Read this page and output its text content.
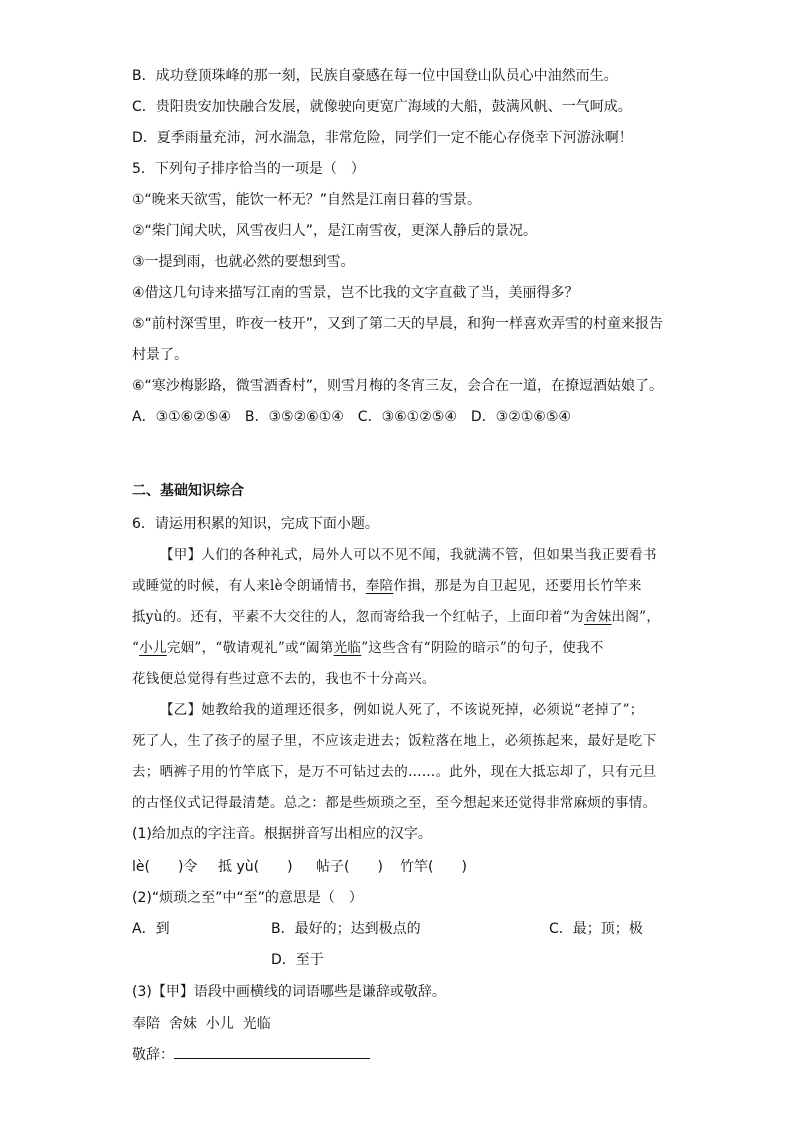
B．成功登顶珠峰的那一刻，民族自豪感在每一位中国登山队员心中油然而生。
C．贵阳贵安加快融合发展，就像驶向更宽广海域的大船，鼓满风帆、一气呵成。
D．夏季雨量充沛，河水湍急，非常危险，同学们一定不能心存侥幸下河游泳啊！
5．下列句子排序恰当的一项是（　）
①“晚来天欲雪，能饮一杯无？”自然是江南日暮的雪景。
②“柴门闻犬吠，风雪夜归人”，是江南雪夜，更深人静后的景况。
③一提到雨，也就必然的要想到雪。
④借这几句诗来描写江南的雪景，岂不比我的文字直截了当，美丽得多？
⑤“前村深雪里，昨夜一枝开”，又到了第二天的早晨，和狗一样喜欢弄雪的村童来报告
村景了。
⑥“寒沙梅影路，微雪酒香村”，则雪月梅的冬宵三友，会合在一道，在撩逗酒姑娘了。
A．③①⑥②⑤④　B．③⑤②⑥①④　C．③⑥①②⑤④　D．③②①⑥⑤④
二、基础知识综合
6．请运用积累的知识，完成下面小题。
【甲】人们的各种礼式，局外人可以不见不闻，我就满不管，但如果当我正要看书
或睡觉的时候，有人来lè令朗诵情书，奉陪作揖，那是为自卫起见，还要用长竹竿来
抵yù的。还有，平素不大交往的人，忽而寄给我一个红帖子，上面印着“为舍妹出阁”，
“小儿完姻”，“敬请观礼”或“阖第光临”这些含有“阴险的暗示”的句子，使我不
花钱便总觉得有些过意不去的，我也不十分高兴。
【乙】她教给我的道理还很多，例如说人死了，不该说死掉，必须说“老掉了”；
死了人，生了孩子的屋子里，不应该走进去；饭粒落在地上，必须拣起来，最好是吃下
去；晒裤子用的竹竿底下，是万不可钻过去的……。此外，现在大抵忘却了，只有元旦
的古怪仪式记得最清楚。总之：都是些烦琐之至，至今想起来还觉得非常麻烦的事情。
(1)给加点的字注音。根据拼音写出相应的汉字。
lè(　　)令 抵 yù(　　) 帖子(　　) 竹竿(　　)
(2)“烦琐之至”中“至”的意思是（　）
A．到	B．最好的；达到极点的	C．最；顶；极
D．至于
(3)【甲】语段中画横线的词语哪些是谦辞或敬辞。
奉陪  舍妹  小儿  光临
敬辞：
